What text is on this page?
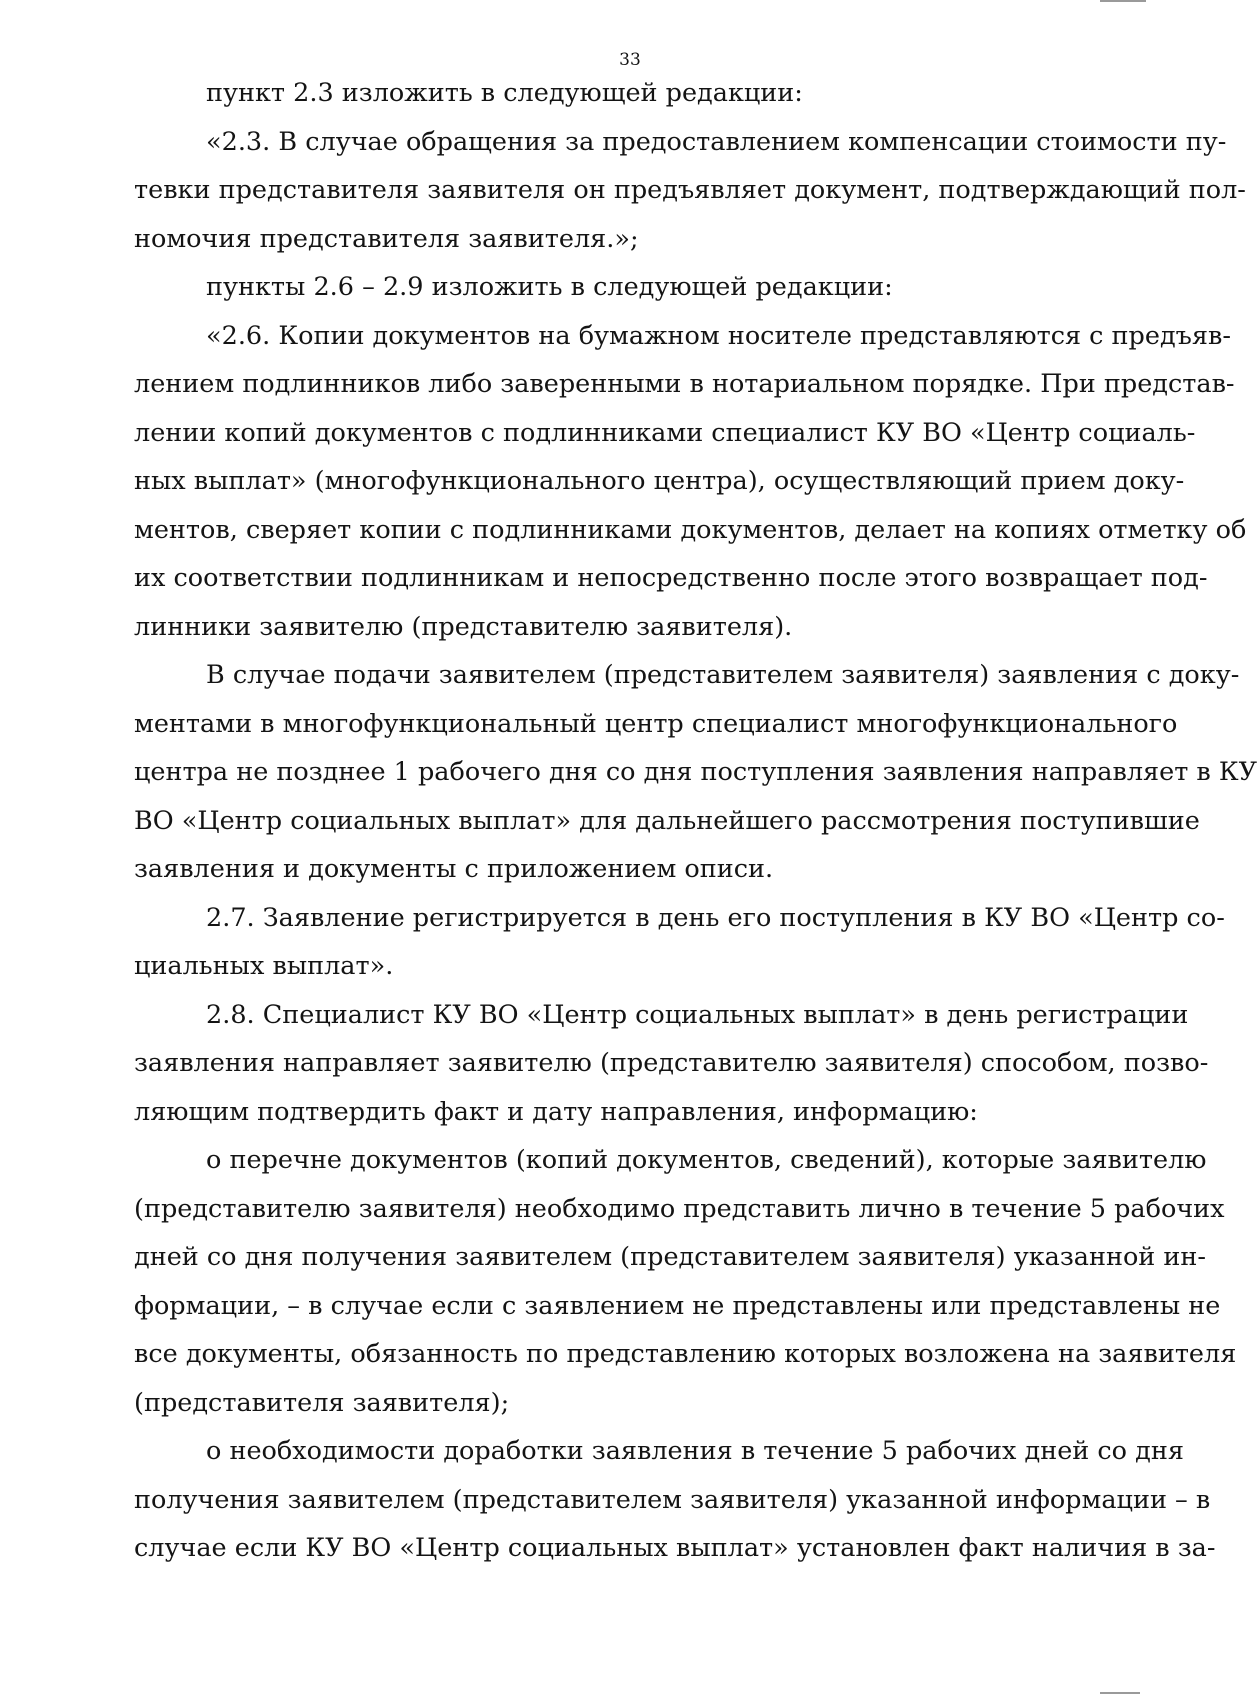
33
пункт 2.3 изложить в следующей редакции:
«2.3. В случае обращения за предоставлением компенсации стоимости пу-
тевки представителя заявителя он предъявляет документ, подтверждающий пол-
номочия представителя заявителя.»;
пункты 2.6 – 2.9 изложить в следующей редакции:
«2.6. Копии документов на бумажном носителе представляются с предъяв-
лением подлинников либо заверенными в нотариальном порядке. При представ-
лении копий документов с подлинниками специалист КУ ВО «Центр социаль-
ных выплат» (многофункционального центра), осуществляющий прием доку-
ментов, сверяет копии с подлинниками документов, делает на копиях отметку об
их соответствии подлинникам и непосредственно после этого возвращает под-
линники заявителю (представителю заявителя).
В случае подачи заявителем (представителем заявителя) заявления с доку-
ментами в многофункциональный центр специалист многофункционального
центра не позднее 1 рабочего дня со дня поступления заявления направляет в КУ
ВО «Центр социальных выплат» для дальнейшего рассмотрения поступившие
заявления и документы с приложением описи.
2.7. Заявление регистрируется в день его поступления в КУ ВО «Центр со-
циальных выплат».
2.8. Специалист КУ ВО «Центр социальных выплат» в день регистрации
заявления направляет заявителю (представителю заявителя) способом, позво-
ляющим подтвердить факт и дату направления, информацию:
о перечне документов (копий документов, сведений), которые заявителю
(представителю заявителя) необходимо представить лично в течение 5 рабочих
дней со дня получения заявителем (представителем заявителя) указанной ин-
формации, – в случае если с заявлением не представлены или представлены не
все документы, обязанность по представлению которых возложена на заявителя
(представителя заявителя);
о необходимости доработки заявления в течение 5 рабочих дней со дня
получения заявителем (представителем заявителя) указанной информации – в
случае если КУ ВО «Центр социальных выплат» установлен факт наличия в за-
